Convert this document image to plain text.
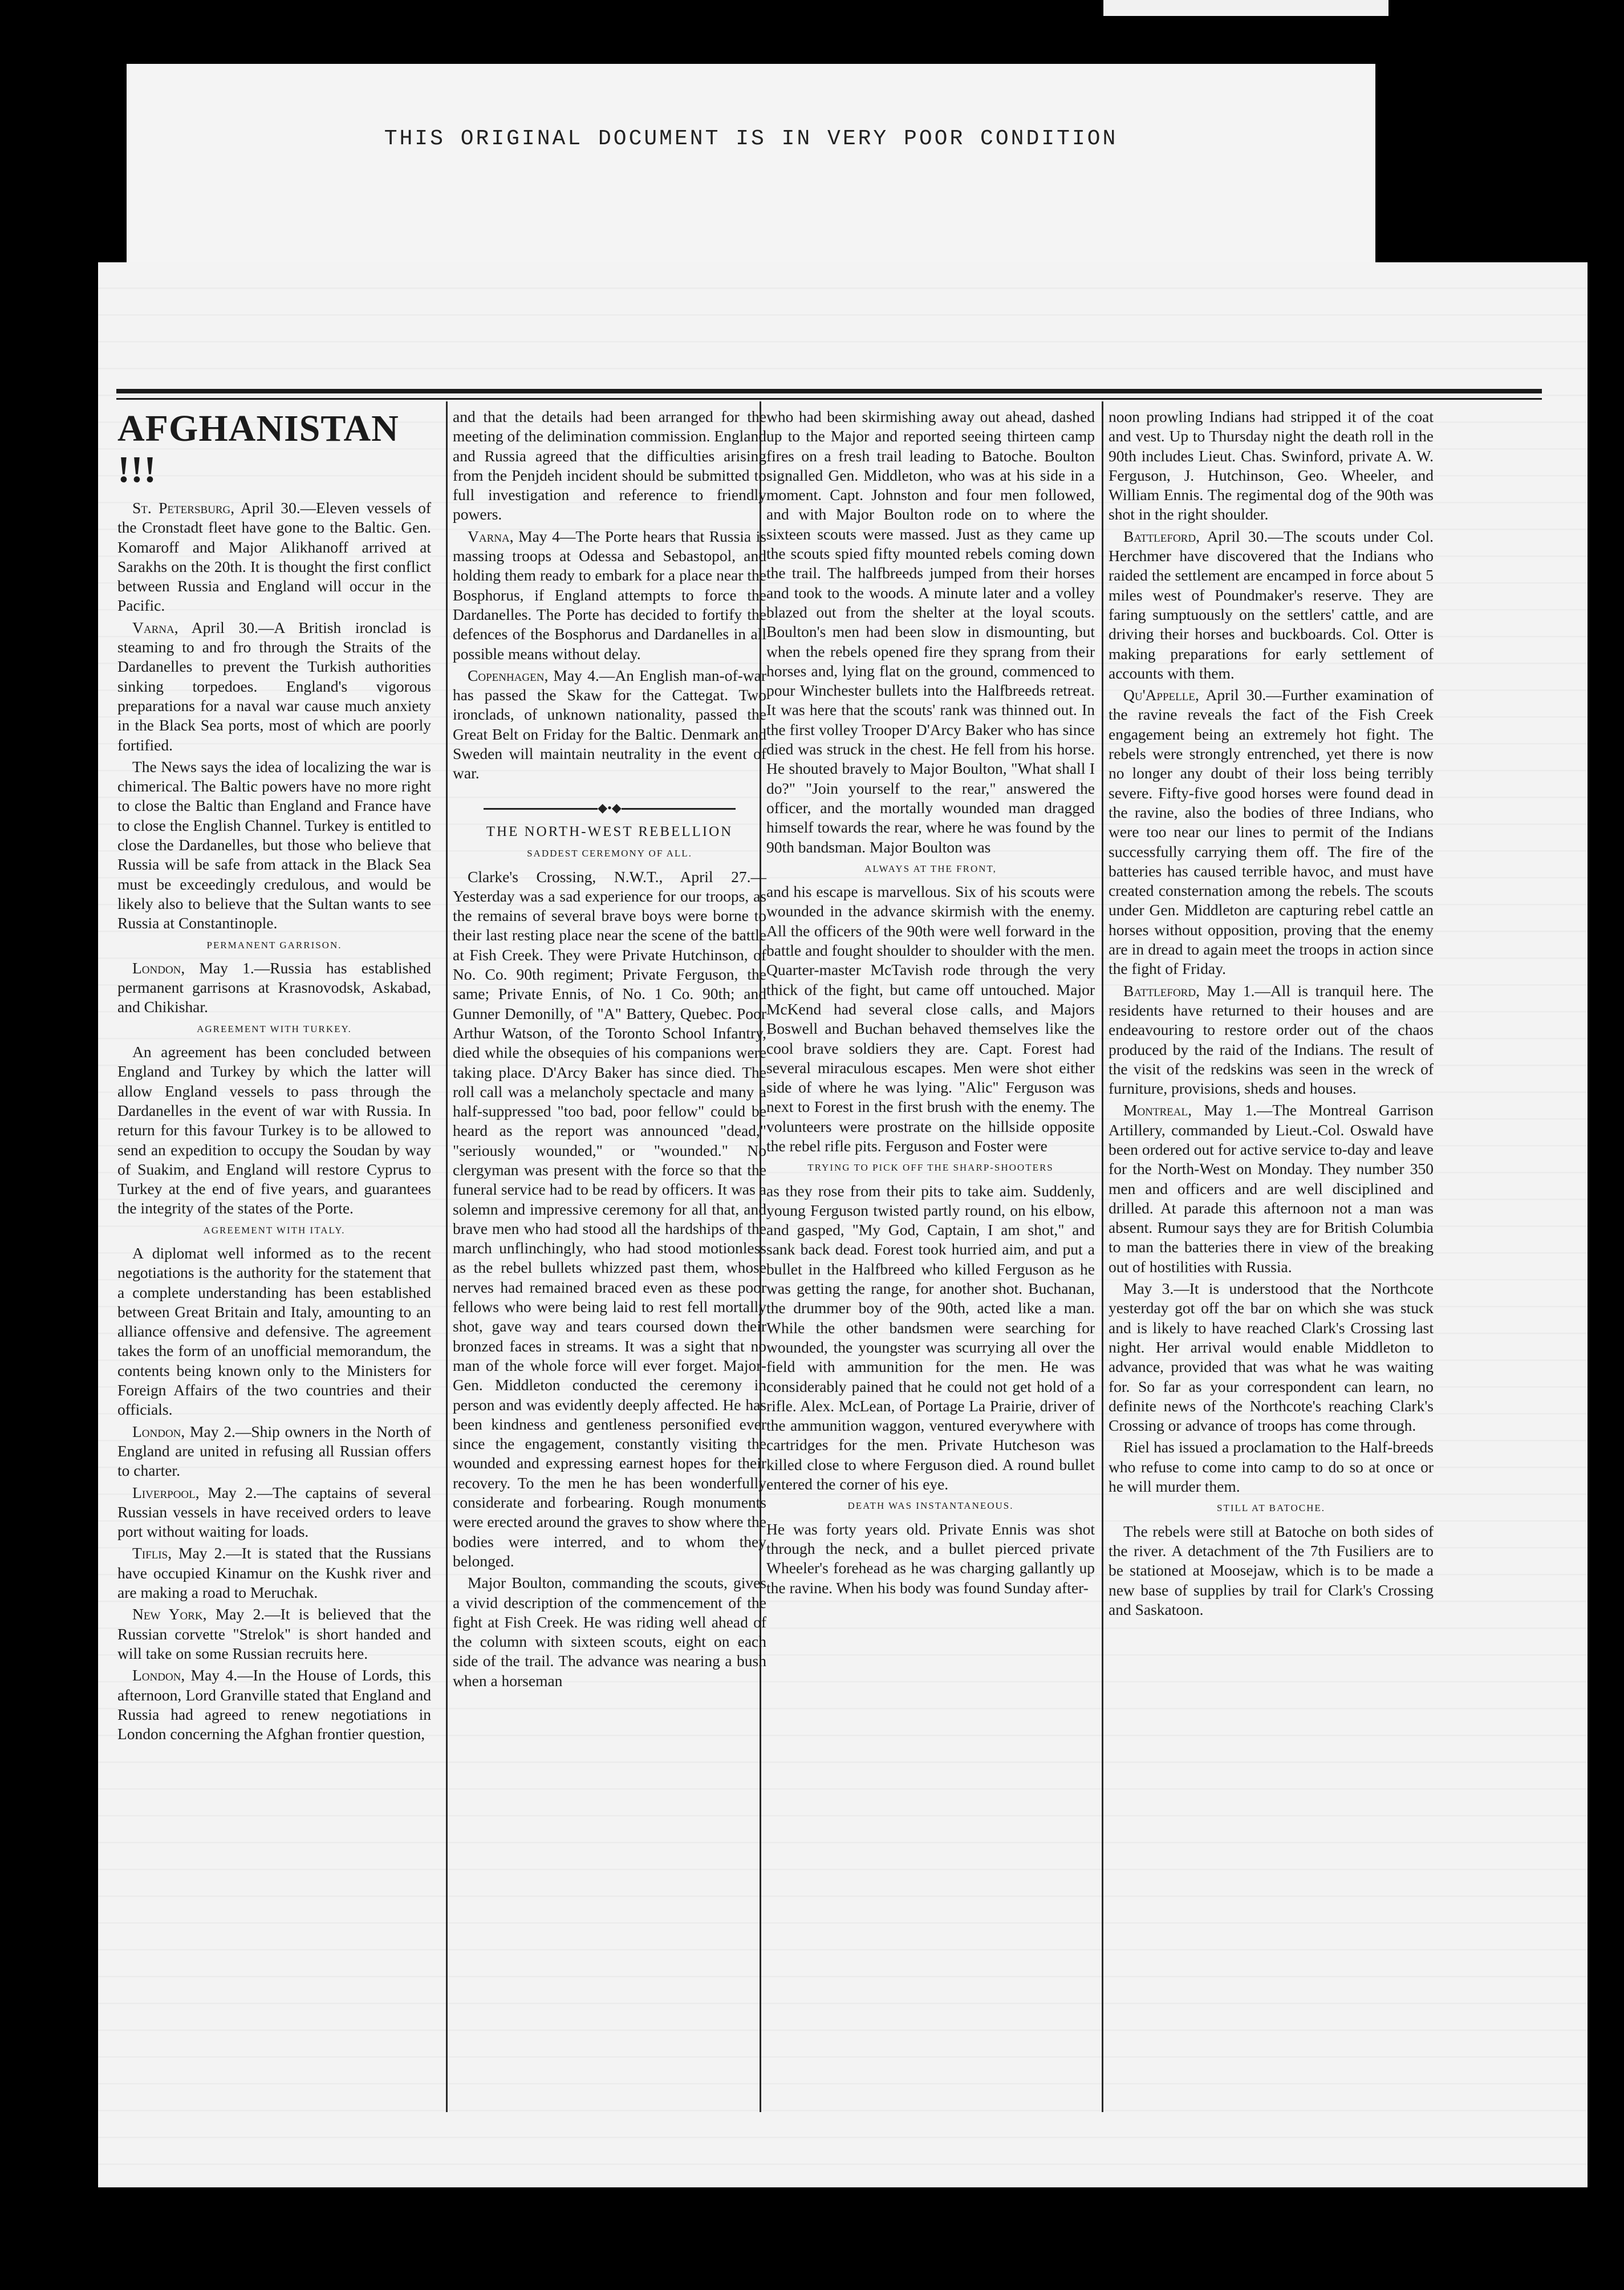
THIS ORIGINAL DOCUMENT IS IN VERY POOR CONDITION
AFGHANISTAN !!!

St. Petersburg, April 30.—Eleven vessels of the Cronstadt fleet have gone to the Baltic. Gen. Komaroff and Major Alikhanoff arrived at Sarakhs on the 20th. It is thought the first conflict between Russia and England will occur in the Pacific.

Varna, April 30.—A British ironclad is steaming to and fro through the Straits of the Dardanelles to prevent the Turkish authorities sinking torpedoes. England's vigorous preparations for a naval war cause much anxiety in the Black Sea ports, most of which are poorly fortified.

The News says the idea of localizing the war is chimerical. The Baltic powers have no more right to close the Baltic than England and France have to close the English Channel. Turkey is entitled to close the Dardanelles, but those who believe that Russia will be safe from attack in the Black Sea must be exceedingly credulous, and would be likely also to believe that the Sultan wants to see Russia at Constantinople.

PERMANENT GARRISON.

London, May 1.—Russia has established permanent garrisons at Krasnovodsk, Askabad, and Chikishar.

AGREEMENT WITH TURKEY.

An agreement has been concluded between England and Turkey by which the latter will allow England vessels to pass through the Dardanelles in the event of war with Russia. In return for this favour Turkey is to be allowed to send an expedition to occupy the Soudan by way of Suakim, and England will restore Cyprus to Turkey at the end of five years, and guarantees the integrity of the states of the Porte.

AGREEMENT WITH ITALY.

A diplomat well informed as to the recent negotiations is the authority for the statement that a complete understanding has been established between Great Britain and Italy, amounting to an alliance offensive and defensive. The agreement takes the form of an unofficial memorandum, the contents being known only to the Ministers for Foreign Affairs of the two countries and their officials.

London, May 2.—Ship owners in the North of England are united in refusing all Russian offers to charter.

Liverpool, May 2.—The captains of several Russian vessels in have received orders to leave port without waiting for loads.

Tiflis, May 2.—It is stated that the Russians have occupied Kinamur on the Kushk river and are making a road to Meruchak.

New York, May 2.—It is believed that the Russian corvette "Strelok" is short handed and will take on some Russian recruits here.

London, May 4.—In the House of Lords, this afternoon, Lord Granville stated that England and Russia had agreed to renew negotiations in London concerning the Afghan frontier question,

and that the details had been arranged for the meeting of the delimination commission. England and Russia agreed that the difficulties arising from the Penjdeh incident should be submitted to full investigation and reference to friendly powers.

Varna, May 4—The Porte hears that Russia is massing troops at Odessa and Sebastopol, and holding them ready to embark for a place near the Bosphorus, if England attempts to force the Dardanelles. The Porte has decided to fortify the defences of the Bosphorus and Dardanelles in all possible means without delay.

Copenhagen, May 4.—An English man-of-war has passed the Skaw for the Cattegat. Two ironclads, of unknown nationality, passed the Great Belt on Friday for the Baltic. Denmark and Sweden will maintain neutrality in the event of war.

◆•◆
THE NORTH-WEST REBELLION
SADDEST CEREMONY OF ALL.

Clarke's Crossing, N.W.T., April 27.—Yesterday was a sad experience for our troops, as the remains of several brave boys were borne to their last resting place near the scene of the battle at Fish Creek. They were Private Hutchinson, of No. Co. 90th regiment; Private Ferguson, the same; Private Ennis, of No. 1 Co. 90th; and Gunner Demonilly, of "A" Battery, Quebec. Poor Arthur Watson, of the Toronto School Infantry, died while the obsequies of his companions were taking place. D'Arcy Baker has since died. The roll call was a melancholy spectacle and many a half-suppressed "too bad, poor fellow" could be heard as the report was announced "dead," "seriously wounded," or "wounded." No clergyman was present with the force so that the funeral service had to be read by officers. It was a solemn and impressive ceremony for all that, and brave men who had stood all the hardships of the march unflinchingly, who had stood motionless as the rebel bullets whizzed past them, whose nerves had remained braced even as these poor fellows who were being laid to rest fell mortally shot, gave way and tears coursed down their bronzed faces in streams. It was a sight that no man of the whole force will ever forget. Major-Gen. Middleton conducted the ceremony in person and was evidently deeply affected. He has been kindness and gentleness personified ever since the engagement, constantly visiting the wounded and expressing earnest hopes for their recovery. To the men he has been wonderfully considerate and forbearing. Rough monuments were erected around the graves to show where the bodies were interred, and to whom they belonged.

Major Boulton, commanding the scouts, gives a vivid description of the commencement of the fight at Fish Creek. He was riding well ahead of the column with sixteen scouts, eight on each side of the trail. The advance was nearing a bush when a horseman

who had been skirmishing away out ahead, dashed up to the Major and reported seeing thirteen camp fires on a fresh trail leading to Batoche. Boulton signalled Gen. Middleton, who was at his side in a moment. Capt. Johnston and four men followed, and with Major Boulton rode on to where the sixteen scouts were massed. Just as they came up the scouts spied fifty mounted rebels coming down the trail. The halfbreeds jumped from their horses and took to the woods. A minute later and a volley blazed out from the shelter at the loyal scouts. Boulton's men had been slow in dismounting, but when the rebels opened fire they sprang from their horses and, lying flat on the ground, commenced to pour Winchester bullets into the Halfbreeds retreat. It was here that the scouts' rank was thinned out. In the first volley Trooper D'Arcy Baker who has since died was struck in the chest. He fell from his horse. He shouted bravely to Major Boulton, "What shall I do?" "Join yourself to the rear," answered the officer, and the mortally wounded man dragged himself towards the rear, where he was found by the 90th bandsman. Major Boulton was

ALWAYS AT THE FRONT,

and his escape is marvellous. Six of his scouts were wounded in the advance skirmish with the enemy. All the officers of the 90th were well forward in the battle and fought shoulder to shoulder with the men. Quarter-master McTavish rode through the very thick of the fight, but came off untouched. Major McKend had several close calls, and Majors Boswell and Buchan behaved themselves like the cool brave soldiers they are. Capt. Forest had several miraculous escapes. Men were shot either side of where he was lying. "Alic" Ferguson was next to Forest in the first brush with the enemy. The volunteers were prostrate on the hillside opposite the rebel rifle pits. Ferguson and Foster were

TRYING TO PICK OFF THE SHARP-SHOOTERS

as they rose from their pits to take aim. Suddenly, young Ferguson twisted partly round, on his elbow, and gasped, "My God, Captain, I am shot," and sank back dead. Forest took hurried aim, and put a bullet in the Halfbreed who killed Ferguson as he was getting the range, for another shot. Buchanan, the drummer boy of the 90th, acted like a man. While the other bandsmen were searching for wounded, the youngster was scurrying all over the field with ammunition for the men. He was considerably pained that he could not get hold of a rifle. Alex. McLean, of Portage La Prairie, driver of the ammunition waggon, ventured everywhere with cartridges for the men. Private Hutcheson was killed close to where Ferguson died. A round bullet entered the corner of his eye.

DEATH WAS INSTANTANEOUS.

He was forty years old. Private Ennis was shot through the neck, and a bullet pierced private Wheeler's forehead as he was charging gallantly up the ravine. When his body was found Sunday after-

noon prowling Indians had stripped it of the coat and vest. Up to Thursday night the death roll in the 90th includes Lieut. Chas. Swinford, private A. W. Ferguson, J. Hutchinson, Geo. Wheeler, and William Ennis. The regimental dog of the 90th was shot in the right shoulder.

Battleford, April 30.—The scouts under Col. Herchmer have discovered that the Indians who raided the settlement are encamped in force about 5 miles west of Poundmaker's reserve. They are faring sumptuously on the settlers' cattle, and are driving their horses and buckboards. Col. Otter is making preparations for early settlement of accounts with them.

Qu'Appelle, April 30.—Further examination of the ravine reveals the fact of the Fish Creek engagement being an extremely hot fight. The rebels were strongly entrenched, yet there is now no longer any doubt of their loss being terribly severe. Fifty-five good horses were found dead in the ravine, also the bodies of three Indians, who were too near our lines to permit of the Indians successfully carrying them off. The fire of the batteries has caused terrible havoc, and must have created consternation among the rebels. The scouts under Gen. Middleton are capturing rebel cattle an horses without opposition, proving that the enemy are in dread to again meet the troops in action since the fight of Friday.

Battleford, May 1.—All is tranquil here. The residents have returned to their houses and are endeavouring to restore order out of the chaos produced by the raid of the Indians. The result of the visit of the redskins was seen in the wreck of furniture, provisions, sheds and houses.

Montreal, May 1.—The Montreal Garrison Artillery, commanded by Lieut.-Col. Oswald have been ordered out for active service to-day and leave for the North-West on Monday. They number 350 men and officers and are well disciplined and drilled. At parade this afternoon not a man was absent. Rumour says they are for British Columbia to man the batteries there in view of the breaking out of hostilities with Russia.

May 3.—It is understood that the Northcote yesterday got off the bar on which she was stuck and is likely to have reached Clark's Crossing last night. Her arrival would enable Middleton to advance, provided that was what he was waiting for. So far as your correspondent can learn, no definite news of the Northcote's reaching Clark's Crossing or advance of troops has come through.

Riel has issued a proclamation to the Half-breeds who refuse to come into camp to do so at once or he will murder them.

STILL AT BATOCHE.

The rebels were still at Batoche on both sides of the river. A detachment of the 7th Fusiliers are to be stationed at Moosejaw, which is to be made a new base of supplies by trail for Clark's Crossing and Saskatoon.
